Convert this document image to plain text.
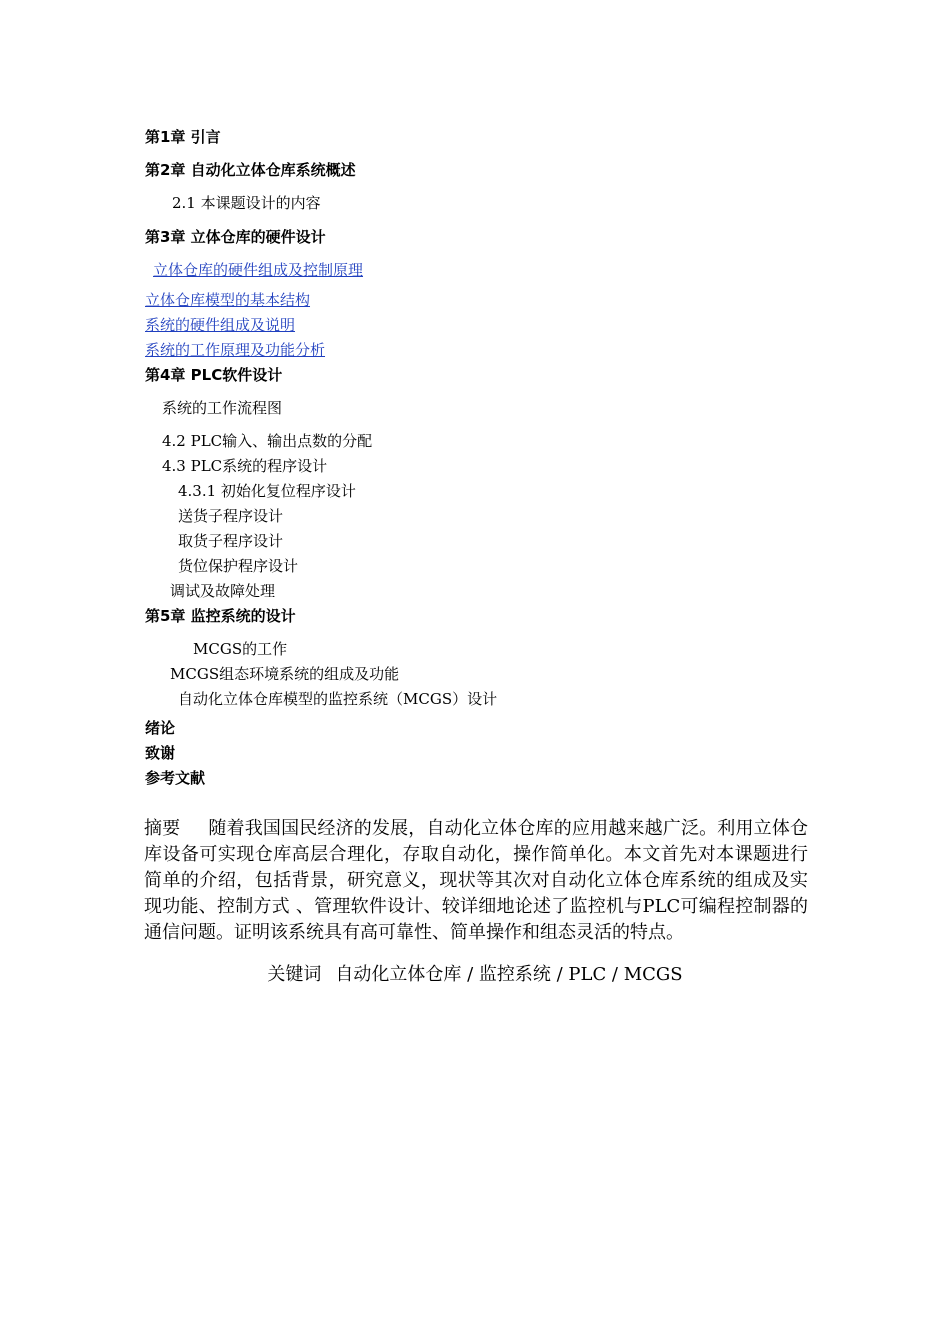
第1章 引言
第2章 自动化立体仓库系统概述
2.1 本课题设计的内容
第3章 立体仓库的硬件设计
立体仓库的硬件组成及控制原理
立体仓库模型的基本结构
系统的硬件组成及说明
系统的工作原理及功能分析
第4章 PLC软件设计
系统的工作流程图
4.2 PLC输入、输出点数的分配
4.3 PLC系统的程序设计
4.3.1 初始化复位程序设计
送货子程序设计
取货子程序设计
货位保护程序设计
调试及故障处理
第5章 监控系统的设计
MCGS的工作
MCGS组态环境系统的组成及功能
自动化立体仓库模型的监控系统（MCGS）设计
绪论
致谢
参考文献
摘要 随着我国国民经济的发展，自动化立体仓库的应用越来越广泛。利用立体仓库设备可实现仓库高层合理化，存取自动化，操作简单化。本文首先对本课题进行简单的介绍，包括背景，研究意义，现状等其次对自动化立体仓库系统的组成及实现功能、控制方式 、管理软件设计、较详细地论述了监控机与PLC可编程控制器的通信问题。证明该系统具有高可靠性、简单操作和组态灵活的特点。
关键词 自动化立体仓库 / 监控系统 / PLC / MCGS
